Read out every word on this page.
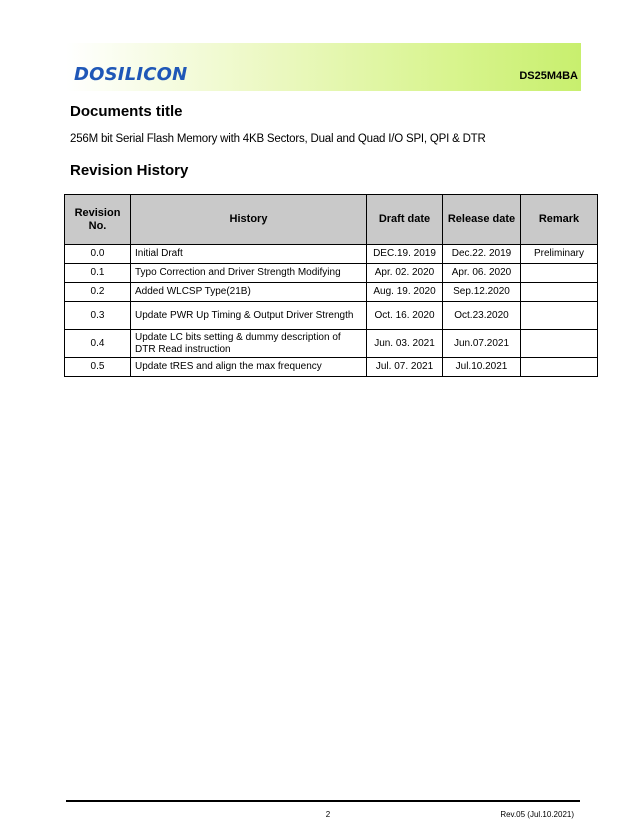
DOSILICON	DS25M4BA
Documents title
256M bit Serial Flash Memory with 4KB Sectors, Dual and Quad I/O SPI, QPI & DTR
Revision History
Revision No.	History	Draft date	Release date	Remark
0.0	Initial Draft	DEC.19. 2019	Dec.22. 2019	Preliminary
0.1	Typo Correction and Driver Strength Modifying	Apr. 02. 2020	Apr. 06. 2020	
0.2	Added WLCSP Type(21B)	Aug. 19. 2020	Sep.12.2020	
0.3	Update PWR Up Timing & Output Driver Strength	Oct. 16. 2020	Oct.23.2020	
0.4	Update LC bits setting & dummy description of DTR Read instruction	Jun. 03. 2021	Jun.07.2021	
0.5	Update tRES and align the max frequency	Jul. 07. 2021	Jul.10.2021	
2	Rev.05 (Jul.10.2021)
